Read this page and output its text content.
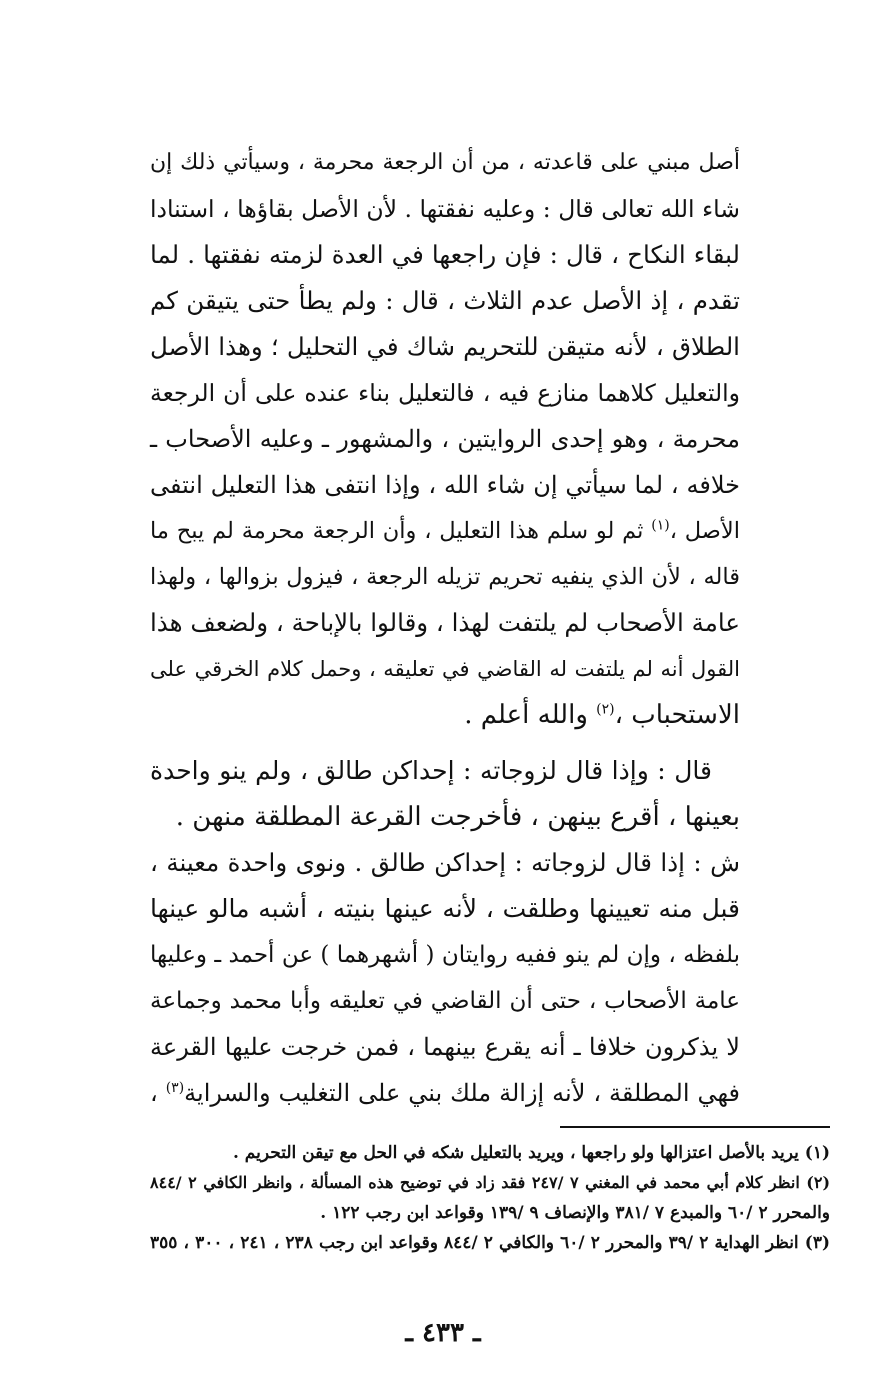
أصل مبني على قاعدته ، من أن الرجعة محرمة ، وسيأتي ذلك إن
شاء الله تعالى قال : وعليه نفقتها . لأن الأصل بقاؤها ، استنادا
لبقاء النكاح ، قال : فإن راجعها في العدة لزمته نفقتها . لما
تقدم ، إذ الأصل عدم الثلاث ، قال : ولم يطأ حتى يتيقن كم
الطلاق ، لأنه متيقن للتحريم شاك في التحليل ؛ وهذا الأصل
والتعليل كلاهما منازع فيه ، فالتعليل بناء عنده على أن الرجعة
محرمة ، وهو إحدى الروايتين ، والمشهور ـ وعليه الأصحاب ـ
خلافه ، لما سيأتي إن شاء الله ، وإذا انتفى هذا التعليل انتفى
الأصل ،$^{(١)}$ ثم لو سلم هذا التعليل ، وأن الرجعة محرمة لم يبح ما
قاله ، لأن الذي ينفيه تحريم تزيله الرجعة ، فيزول بزوالها ، ولهذا
عامة الأصحاب لم يلتفت لهذا ، وقالوا بالإباحة ، ولضعف هذا
القول أنه لم يلتفت له القاضي في تعليقه ، وحمل كلام الخرقي على
الاستحباب ،$^{(٢)}$ والله أعلم .
قال : وإذا قال لزوجاته : إحداكن طالق ، ولم ينو واحدة
بعينها ، أقرع بينهن ، فأخرجت القرعة المطلقة منهن .
ش : إذا قال لزوجاته : إحداكن طالق . ونوى واحدة معينة ،
قبل منه تعيينها وطلقت ، لأنه عينها بنيته ، أشبه مالو عينها
بلفظه ، وإن لم ينو ففيه روايتان ( أشهرهما ) عن أحمد ـ وعليها
عامة الأصحاب ، حتى أن القاضي في تعليقه وأبا محمد وجماعة
لا يذكرون خلافا ـ أنه يقرع بينهما ، فمن خرجت عليها القرعة
فهي المطلقة ، لأنه إزالة ملك بني على التغليب والسراية$^{(٣)}$ ،
(١) يريد بالأصل اعتزالها ولو راجعها ، ويريد بالتعليل شكه في الحل مع تيقن التحريم .
(٢) انظر كلام أبي محمد في المغني ٧ /٢٤٧ فقد زاد في توضيح هذه المسألة ، وانظر الكافي ٢ /٨٤٤
والمحرر ٢ /٦٠ والمبدع ٧ /٣٨١ والإنصاف ٩ /١٣٩ وقواعد ابن رجب ١٢٢ .
(٣) انظر الهداية ٢ /٣٩ والمحرر ٢ /٦٠ والكافي ٢ /٨٤٤ وقواعد ابن رجب ٢٣٨ ، ٢٤١ ، ٣٠٠ ، ٣٥٥
ـ ٤٣٣ ـ
